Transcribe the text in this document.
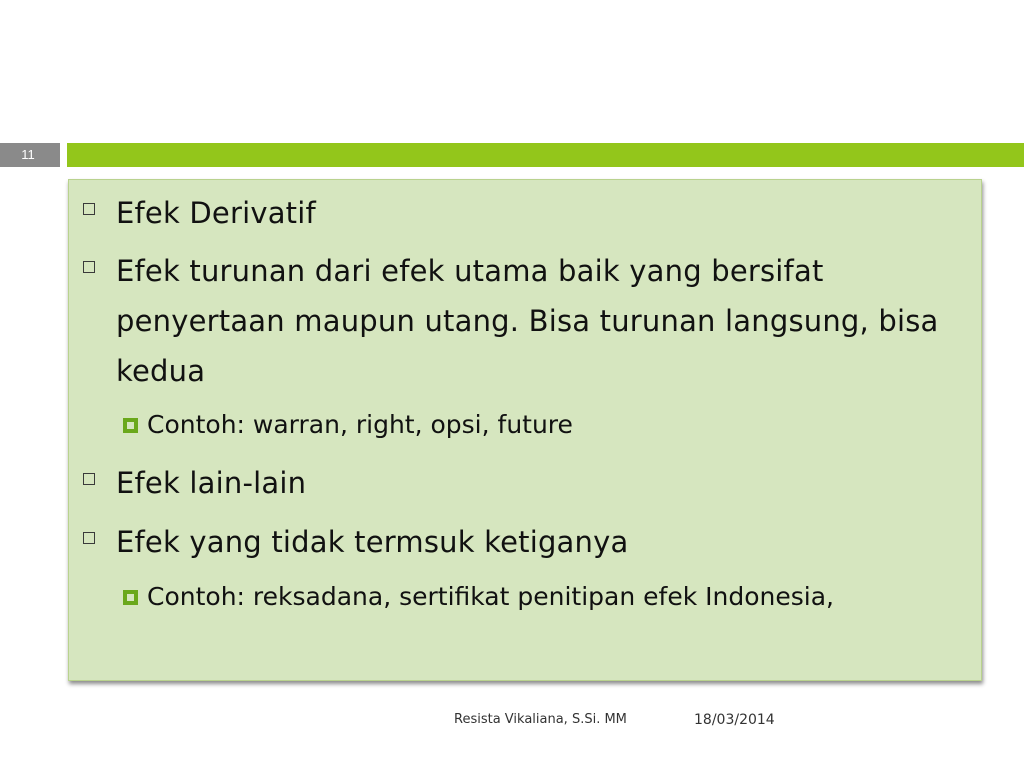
11
Efek Derivatif
Efek turunan dari efek utama baik yang bersifat penyertaan maupun utang. Bisa turunan langsung, bisa kedua
Contoh: warran, right, opsi, future
Efek lain-lain
Efek yang tidak termsuk ketiganya
Contoh: reksadana, sertifikat penitipan efek Indonesia,
Resista Vikaliana, S.Si. MM	18/03/2014
